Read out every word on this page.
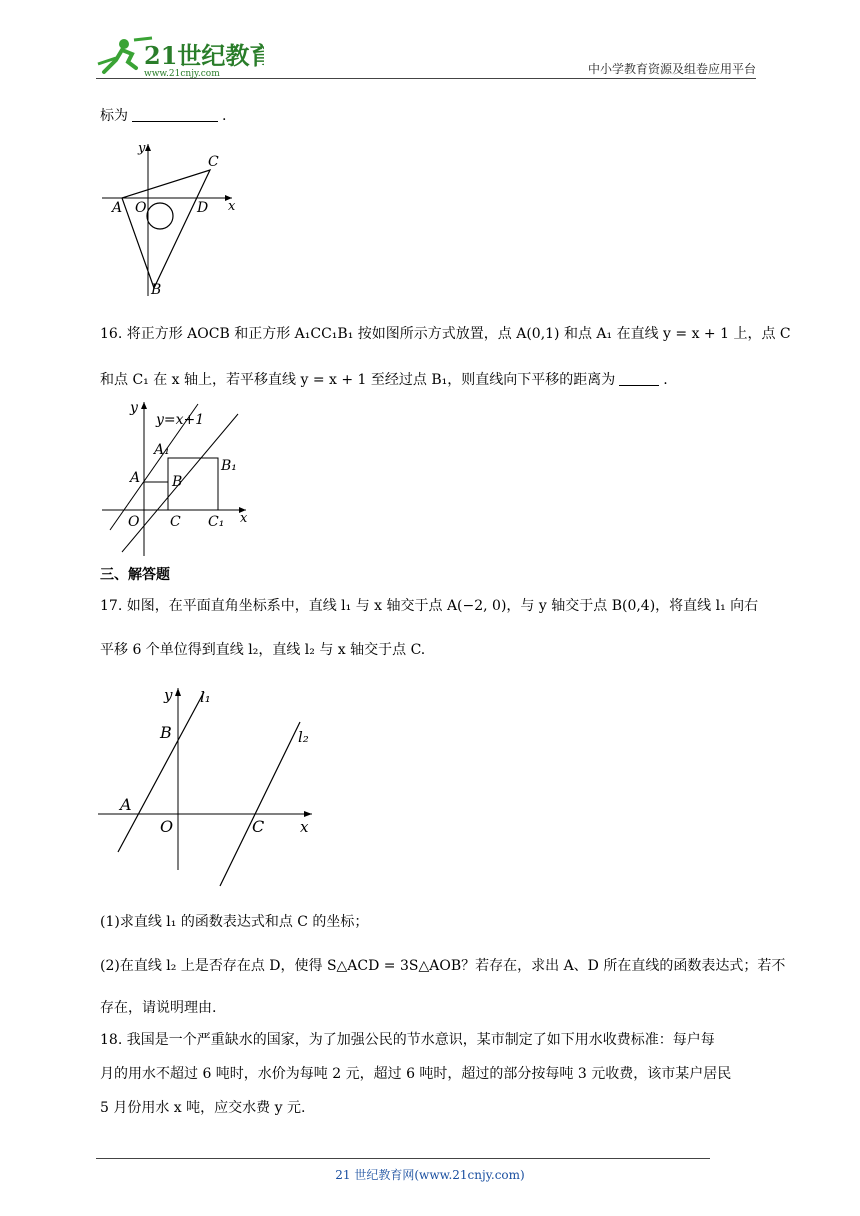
21世纪教育
www.21cnjy.com	中小学教育资源及组卷应用平台
标为	.
y
C
A O	D x
B
16. 将正方形 AOCB 和正方形 A₁CC₁B₁ 按如图所示方式放置，点 A(0,1) 和点 A₁ 在直线 y = x + 1 上，点 C
和点 C₁ 在 x 轴上，若平移直线 y = x + 1 至经过点 B₁，则直线向下平移的距离为	.
y
y=x+1
A₁
B₁
A B
O C C₁ x
三、解答题
17. 如图，在平面直角坐标系中，直线 l₁ 与 x 轴交于点 A(−2, 0)，与 y 轴交于点 B(0,4)，将直线 l₁ 向右
平移 6 个单位得到直线 l₂，直线 l₂ 与 x 轴交于点 C.
y l₁
l₂
B
A
O	C x
(1)求直线 l₁ 的函数表达式和点 C 的坐标；
(2)在直线 l₂ 上是否存在点 D，使得 S△ACD = 3S△AOB？若存在，求出 A、D 所在直线的函数表达式；若不
存在，请说明理由.
18. 我国是一个严重缺水的国家，为了加强公民的节水意识，某市制定了如下用水收费标准：每户每
月的用水不超过 6 吨时，水价为每吨 2 元，超过 6 吨时，超过的部分按每吨 3 元收费，该市某户居民
5 月份用水 x 吨，应交水费 y 元.
21 世纪教育网(www.21cnjy.com)
